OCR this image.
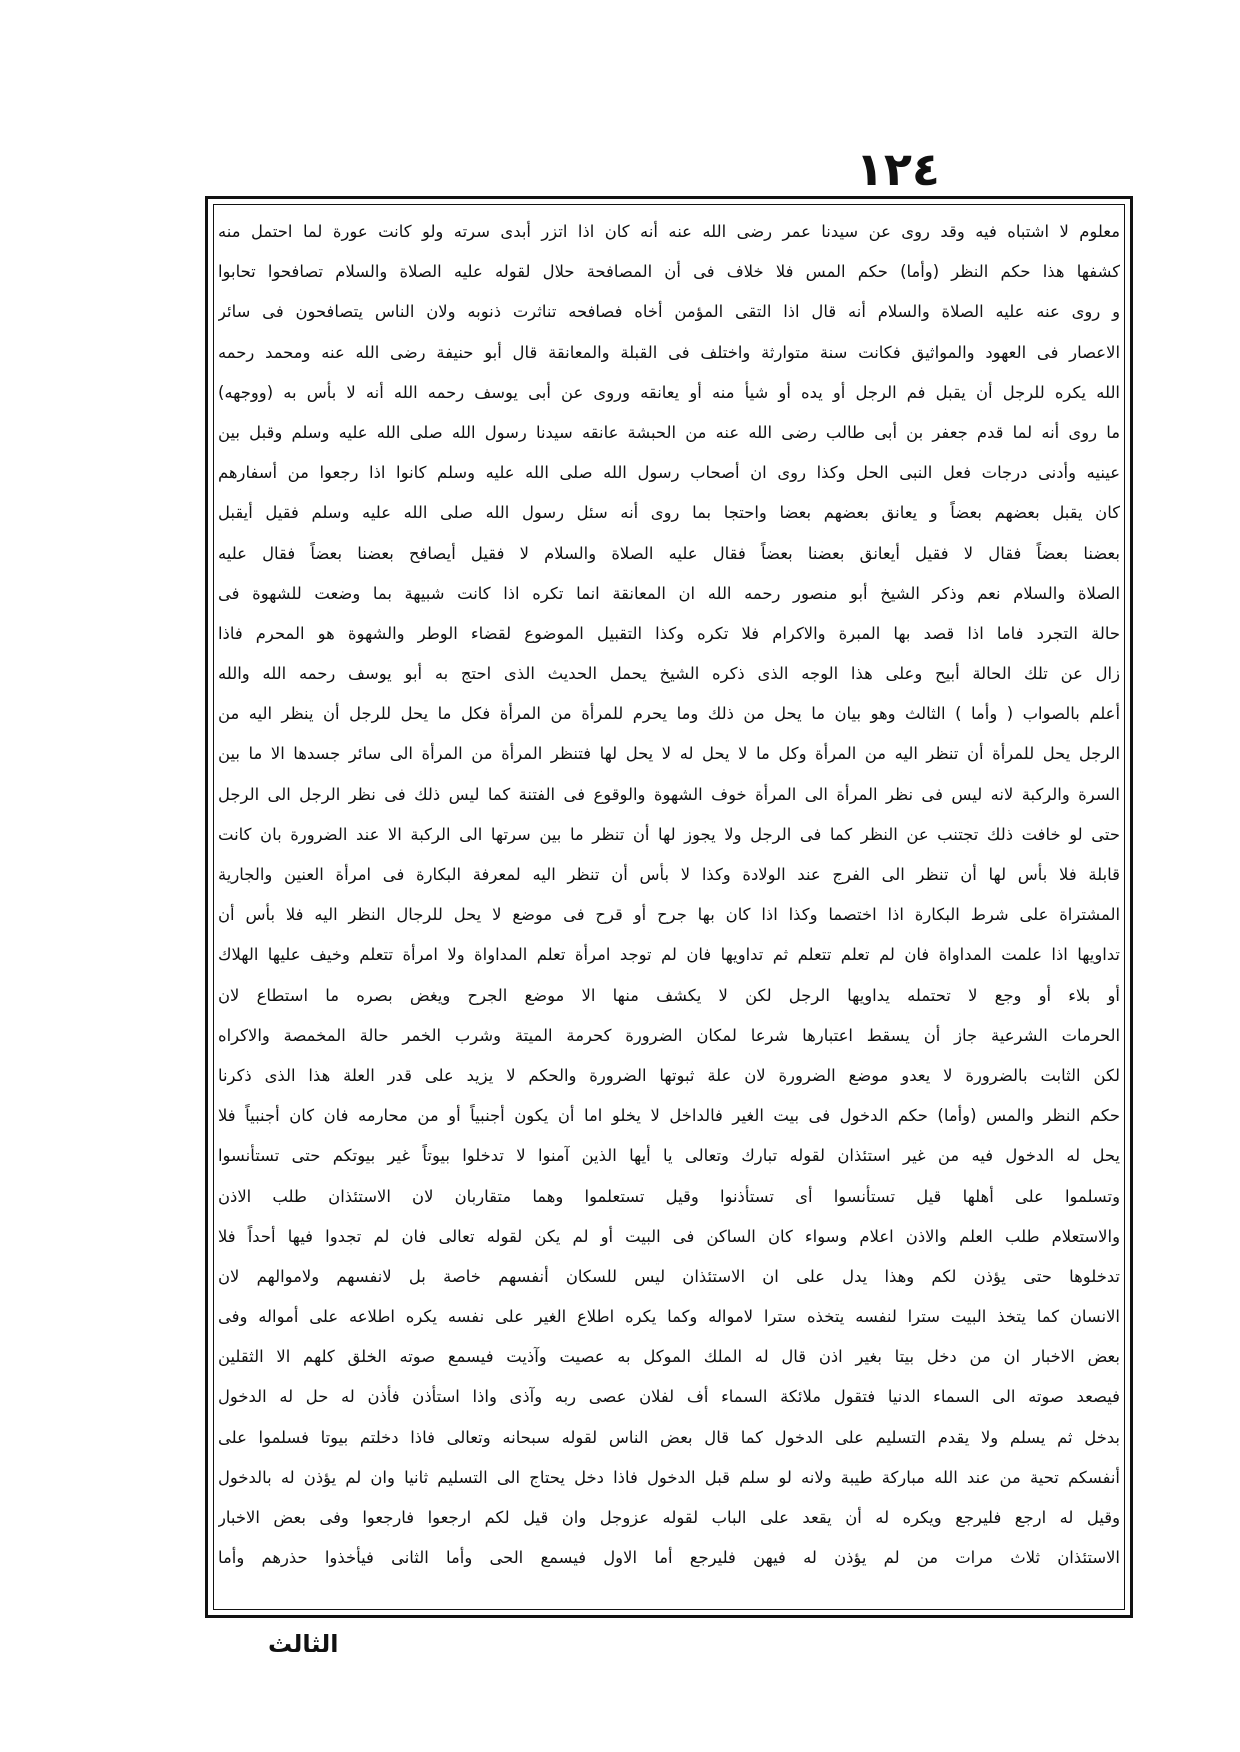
١٢٤
معلوم لا اشتباه فيه وقد روى عن سيدنا عمر رضى الله عنه أنه كان اذا اتزر أبدى سرته ولو كانت عورة لما احتمل منه
كشفها هذا حكم النظر (وأما) حكم المس فلا خلاف فى أن المصافحة حلال لقوله عليه الصلاة والسلام تصافحوا تحابوا
و روى عنه عليه الصلاة والسلام أنه قال اذا التقى المؤمن أخاه فصافحه تناثرت ذنوبه ولان الناس يتصافحون فى سائر
الاعصار فى العهود والمواثيق فكانت سنة متوارثة واختلف فى القبلة والمعانقة قال أبو حنيفة رضى الله عنه ومحمد رحمه
الله يكره للرجل أن يقبل فم الرجل أو يده أو شيأ منه أو يعانقه وروى عن أبى يوسف رحمه الله أنه لا بأس به (ووجهه)
ما روى أنه لما قدم جعفر بن أبى طالب رضى الله عنه من الحبشة عانقه سيدنا رسول الله صلى الله عليه وسلم وقبل بين
عينيه وأدنى درجات فعل النبى الحل وكذا روى ان أصحاب رسول الله صلى الله عليه وسلم كانوا اذا رجعوا من أسفارهم
كان يقبل بعضهم بعضاً و يعانق بعضهم بعضا واحتجا بما روى أنه سئل رسول الله صلى الله عليه وسلم فقيل أيقبل
بعضنا بعضاً فقال لا فقيل أيعانق بعضنا بعضاً فقال عليه الصلاة والسلام لا فقيل أيصافح بعضنا بعضاً فقال عليه
الصلاة والسلام نعم وذكر الشيخ أبو منصور رحمه الله ان المعانقة انما تكره اذا كانت شبيهة بما وضعت للشهوة فى
حالة التجرد فاما اذا قصد بها المبرة والاكرام فلا تكره وكذا التقبيل الموضوع لقضاء الوطر والشهوة هو المحرم فاذا
زال عن تلك الحالة أبيح وعلى هذا الوجه الذى ذكره الشيخ يحمل الحديث الذى احتج به أبو يوسف رحمه الله والله
أعلم بالصواب ( وأما ) الثالث وهو بيان ما يحل من ذلك وما يحرم للمرأة من المرأة فكل ما يحل للرجل أن ينظر اليه من
الرجل يحل للمرأة أن تنظر اليه من المرأة وكل ما لا يحل له لا يحل لها فتنظر المرأة من المرأة الى سائر جسدها الا ما بين
السرة والركبة لانه ليس فى نظر المرأة الى المرأة خوف الشهوة والوقوع فى الفتنة كما ليس ذلك فى نظر الرجل الى الرجل
حتى لو خافت ذلك تجتنب عن النظر كما فى الرجل ولا يجوز لها أن تنظر ما بين سرتها الى الركبة الا عند الضرورة بان كانت
قابلة فلا بأس لها أن تنظر الى الفرج عند الولادة وكذا لا بأس أن تنظر اليه لمعرفة البكارة فى امرأة العنين والجارية
المشتراة على شرط البكارة اذا اختصما وكذا اذا كان بها جرح أو قرح فى موضع لا يحل للرجال النظر اليه فلا بأس أن
تداويها اذا علمت المداواة فان لم تعلم تتعلم ثم تداويها فان لم توجد امرأة تعلم المداواة ولا امرأة تتعلم وخيف عليها الهلاك
أو بلاء أو وجع لا تحتمله يداويها الرجل لكن لا يكشف منها الا موضع الجرح ويغض بصره ما استطاع لان
الحرمات الشرعية جاز أن يسقط اعتبارها شرعا لمكان الضرورة كحرمة الميتة وشرب الخمر حالة المخمصة والاكراه
لكن الثابت بالضرورة لا يعدو موضع الضرورة لان علة ثبوتها الضرورة والحكم لا يزيد على قدر العلة هذا الذى ذكرنا
حكم النظر والمس (وأما) حكم الدخول فى بيت الغير فالداخل لا يخلو اما أن يكون أجنبياً أو من محارمه فان كان أجنبياً فلا
يحل له الدخول فيه من غير استئذان لقوله تبارك وتعالى يا أيها الذين آمنوا لا تدخلوا بيوتاً غير بيوتكم حتى تستأنسوا
وتسلموا على أهلها قيل تستأنسوا أى تستأذنوا وقيل تستعلموا وهما متقاربان لان الاستئذان طلب الاذن
والاستعلام طلب العلم والاذن اعلام وسواء كان الساكن فى البيت أو لم يكن لقوله تعالى فان لم تجدوا فيها أحداً فلا
تدخلوها حتى يؤذن لكم وهذا يدل على ان الاستئذان ليس للسكان أنفسهم خاصة بل لانفسهم ولاموالهم لان
الانسان كما يتخذ البيت سترا لنفسه يتخذه سترا لامواله وكما يكره اطلاع الغير على نفسه يكره اطلاعه على أمواله وفى
بعض الاخبار ان من دخل بيتا بغير اذن قال له الملك الموكل به عصيت وآذيت فيسمع صوته الخلق كلهم الا الثقلين
فيصعد صوته الى السماء الدنيا فتقول ملائكة السماء أف لفلان عصى ربه وآذى واذا استأذن فأذن له حل له الدخول
بدخل ثم يسلم ولا يقدم التسليم على الدخول كما قال بعض الناس لقوله سبحانه وتعالى فاذا دخلتم بيوتا فسلموا على
أنفسكم تحية من عند الله مباركة طيبة ولانه لو سلم قبل الدخول فاذا دخل يحتاج الى التسليم ثانيا وان لم يؤذن له بالدخول
وقيل له ارجع فليرجع ويكره له أن يقعد على الباب لقوله عزوجل وان قيل لكم ارجعوا فارجعوا وفى بعض الاخبار
الاستئذان ثلاث مرات من لم يؤذن له فيهن فليرجع أما الاول فيسمع الحى وأما الثانى فيأخذوا حذرهم وأما
الثالث
